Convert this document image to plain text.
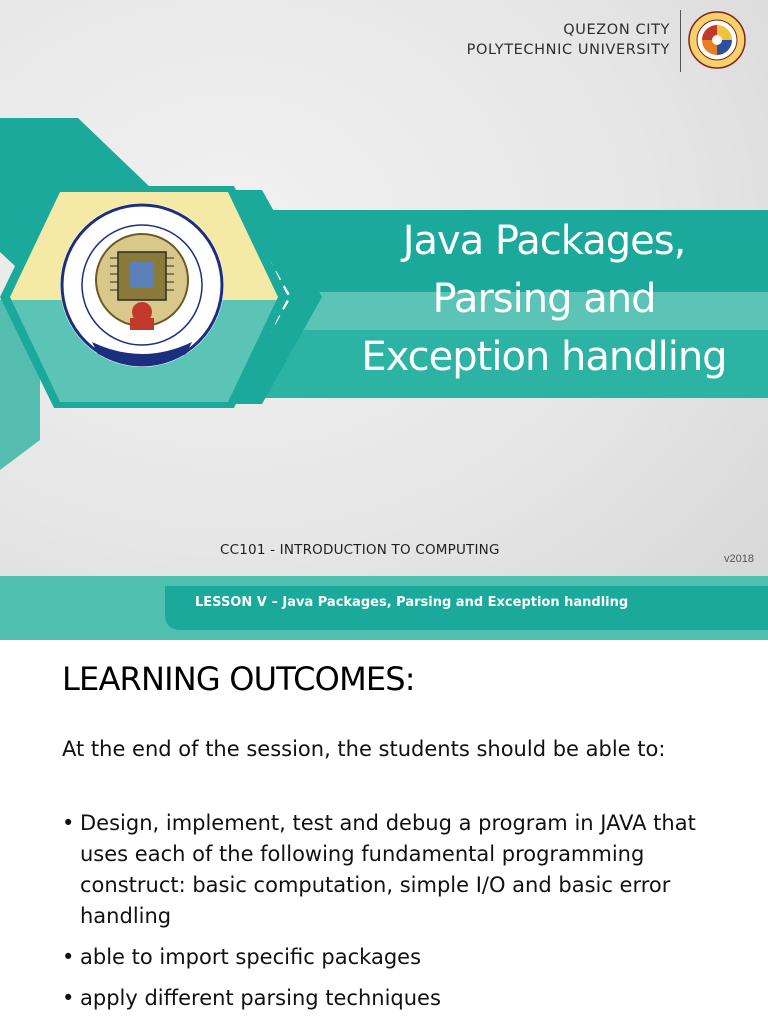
QUEZON CITY
POLYTECHNIC UNIVERSITY
Java Packages,
Parsing and
Exception handling
CC101 - INTRODUCTION TO COMPUTING
v2018
LESSON V – Java Packages, Parsing and Exception handling
LEARNING OUTCOMES:
At the end of the session, the students should be able to:
• Design, implement, test and debug a program in JAVA that uses each of the following fundamental programming construct: basic computation, simple I/O and basic error handling
• able to import specific packages
• apply different parsing techniques
